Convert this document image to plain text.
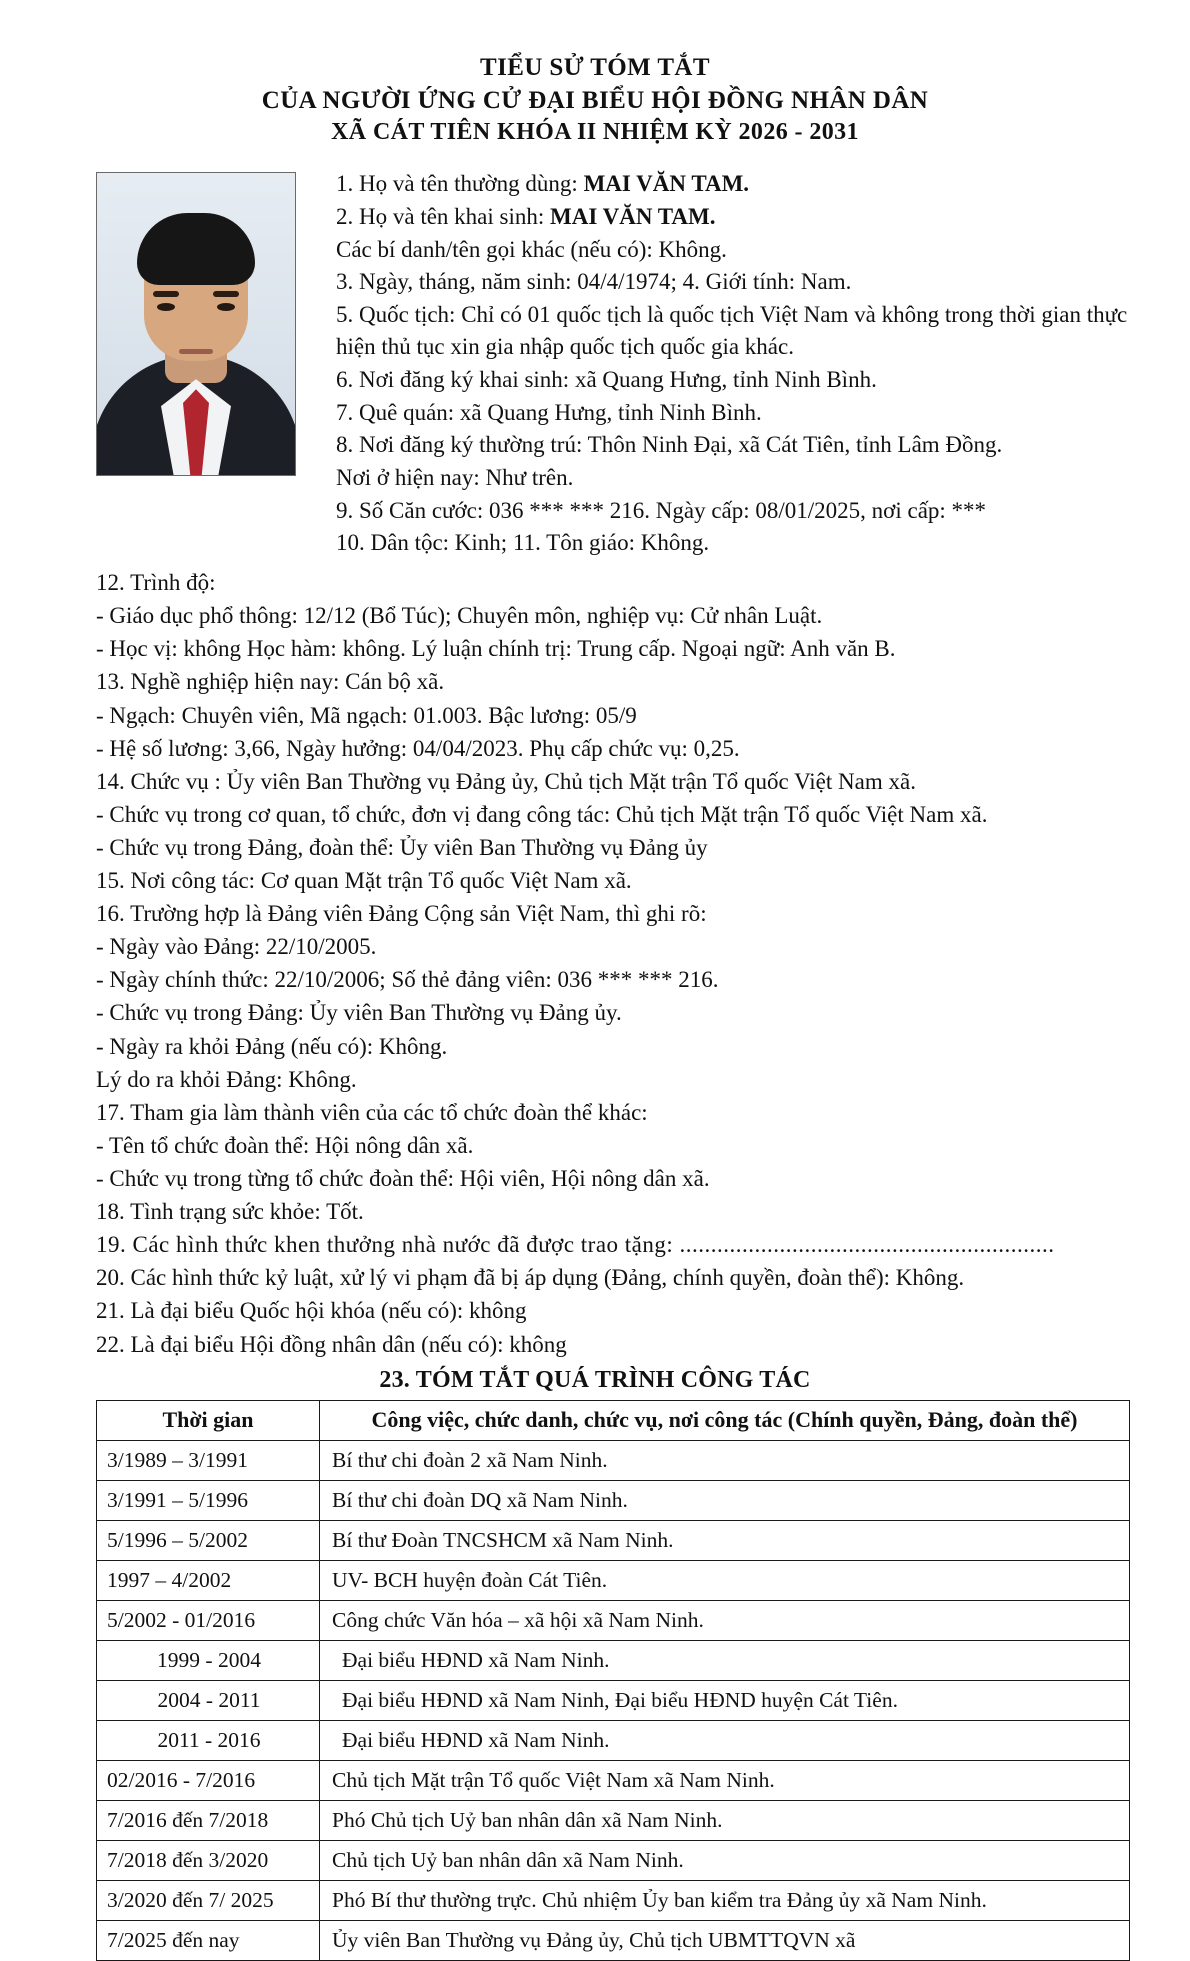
TIỂU SỬ TÓM TẮT
CỦA NGƯỜI ỨNG CỬ ĐẠI BIỂU HỘI ĐỒNG NHÂN DÂN
XÃ CÁT TIÊN KHÓA II NHIỆM KỲ 2026 - 2031

1. Họ và tên thường dùng: MAI VĂN TAM.

2. Họ và tên khai sinh: MAI VĂN TAM.

Các bí danh/tên gọi khác (nếu có): Không.

3. Ngày, tháng, năm sinh: 04/4/1974; 4. Giới tính: Nam.

5. Quốc tịch: Chỉ có 01 quốc tịch là quốc tịch Việt Nam và không trong thời gian thực hiện thủ tục xin gia nhập quốc tịch quốc gia khác.

6. Nơi đăng ký khai sinh: xã Quang Hưng, tỉnh Ninh Bình.

7. Quê quán: xã Quang Hưng, tỉnh Ninh Bình.

8. Nơi đăng ký thường trú: Thôn Ninh Đại, xã Cát Tiên, tỉnh Lâm Đồng.

Nơi ở hiện nay: Như trên.

9. Số Căn cước: 036 *** *** 216. Ngày cấp: 08/01/2025, nơi cấp: ***

10. Dân tộc: Kinh; 11. Tôn giáo: Không.

12. Trình độ:

- Giáo dục phổ thông: 12/12 (Bổ Túc); Chuyên môn, nghiệp vụ: Cử nhân Luật.

- Học vị: không Học hàm: không. Lý luận chính trị: Trung cấp. Ngoại ngữ: Anh văn B.

13. Nghề nghiệp hiện nay: Cán bộ xã.

- Ngạch: Chuyên viên, Mã ngạch: 01.003. Bậc lương: 05/9

- Hệ số lương: 3,66, Ngày hưởng: 04/04/2023. Phụ cấp chức vụ: 0,25.

14. Chức vụ : Ủy viên Ban Thường vụ Đảng ủy, Chủ tịch Mặt trận Tổ quốc Việt Nam xã.

- Chức vụ trong cơ quan, tổ chức, đơn vị đang công tác: Chủ tịch Mặt trận Tổ quốc Việt Nam xã.

- Chức vụ trong Đảng, đoàn thể: Ủy viên Ban Thường vụ Đảng ủy

15. Nơi công tác: Cơ quan Mặt trận Tổ quốc Việt Nam xã.

16. Trường hợp là Đảng viên Đảng Cộng sản Việt Nam, thì ghi rõ:

- Ngày vào Đảng: 22/10/2005.

- Ngày chính thức: 22/10/2006; Số thẻ đảng viên: 036 *** *** 216.

- Chức vụ trong Đảng: Ủy viên Ban Thường vụ Đảng ủy.

- Ngày ra khỏi Đảng (nếu có): Không.

Lý do ra khỏi Đảng: Không.

17. Tham gia làm thành viên của các tổ chức đoàn thể khác:

- Tên tổ chức đoàn thể: Hội nông dân xã.

- Chức vụ trong từng tổ chức đoàn thể: Hội viên, Hội nông dân xã.

18. Tình trạng sức khỏe: Tốt.

19. Các hình thức khen thưởng nhà nước đã được trao tặng: ............................................................

20. Các hình thức kỷ luật, xử lý vi phạm đã bị áp dụng (Đảng, chính quyền, đoàn thể): Không.

21. Là đại biểu Quốc hội khóa (nếu có): không

22. Là đại biểu Hội đồng nhân dân (nếu có): không

23. TÓM TẮT QUÁ TRÌNH CÔNG TÁC
Thời gian	Công việc, chức danh, chức vụ, nơi công tác (Chính quyền, Đảng, đoàn thể)
3/1989 – 3/1991	Bí thư chi đoàn 2 xã Nam Ninh.
3/1991 – 5/1996	Bí thư chi đoàn DQ xã Nam Ninh.
5/1996 – 5/2002	Bí thư Đoàn TNCSHCM xã Nam Ninh.
1997 – 4/2002	UV- BCH huyện đoàn Cát Tiên.
5/2002 - 01/2016	Công chức Văn hóa – xã hội xã Nam Ninh.
1999 - 2004	Đại biểu HĐND xã Nam Ninh.
2004 - 2011	Đại biểu HĐND xã Nam Ninh, Đại biểu HĐND huyện Cát Tiên.
2011 - 2016	Đại biểu HĐND xã Nam Ninh.
02/2016 - 7/2016	Chủ tịch Mặt trận Tổ quốc Việt Nam xã Nam Ninh.
7/2016 đến 7/2018	Phó Chủ tịch Uỷ ban nhân dân xã Nam Ninh.
7/2018 đến 3/2020	Chủ tịch Uỷ ban nhân dân xã Nam Ninh.
3/2020 đến 7/ 2025	Phó Bí thư thường trực. Chủ nhiệm Ủy ban kiểm tra Đảng ủy xã Nam Ninh.
7/2025 đến nay	Ủy viên Ban Thường vụ Đảng ủy, Chủ tịch UBMTTQVN xã
